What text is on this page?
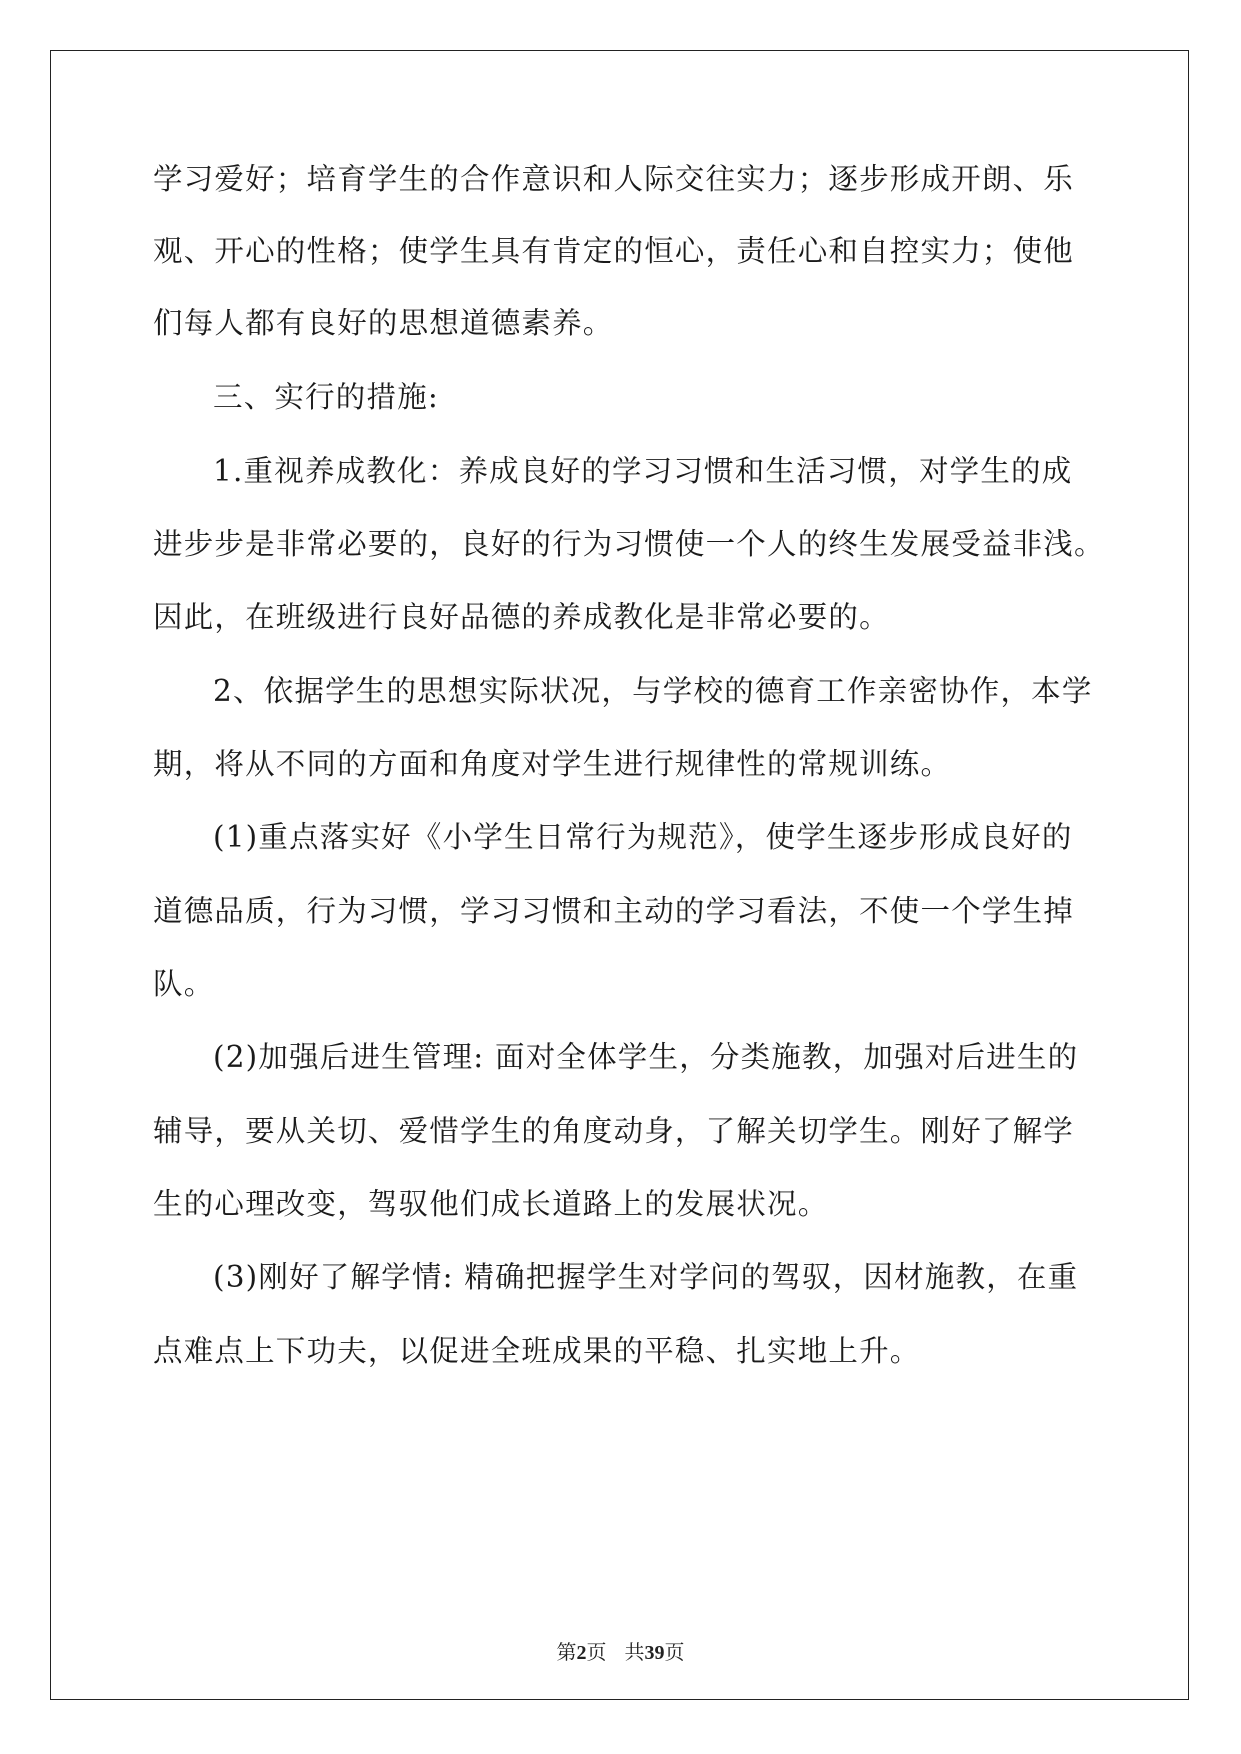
学习爱好；培育学生的合作意识和人际交往实力；逐步形成开朗、乐
观、开心的性格；使学生具有肯定的恒心，责任心和自控实力；使他
们每人都有良好的思想道德素养。
三、实行的措施:
1.重视养成教化：养成良好的学习习惯和生活习惯，对学生的成
进步步是非常必要的，良好的行为习惯使一个人的终生发展受益非浅。
因此，在班级进行良好品德的养成教化是非常必要的。
2、依据学生的思想实际状况，与学校的德育工作亲密协作，本学
期，将从不同的方面和角度对学生进行规律性的常规训练。
(1)重点落实好《小学生日常行为规范》，使学生逐步形成良好的
道德品质，行为习惯，学习习惯和主动的学习看法，不使一个学生掉
队。
(2)加强后进生管理: 面对全体学生，分类施教，加强对后进生的
辅导，要从关切、爱惜学生的角度动身，了解关切学生。刚好了解学
生的心理改变，驾驭他们成长道路上的发展状况。
(3)刚好了解学情: 精确把握学生对学问的驾驭，因材施教，在重
点难点上下功夫，以促进全班成果的平稳、扎实地上升。
第2页 共39页
